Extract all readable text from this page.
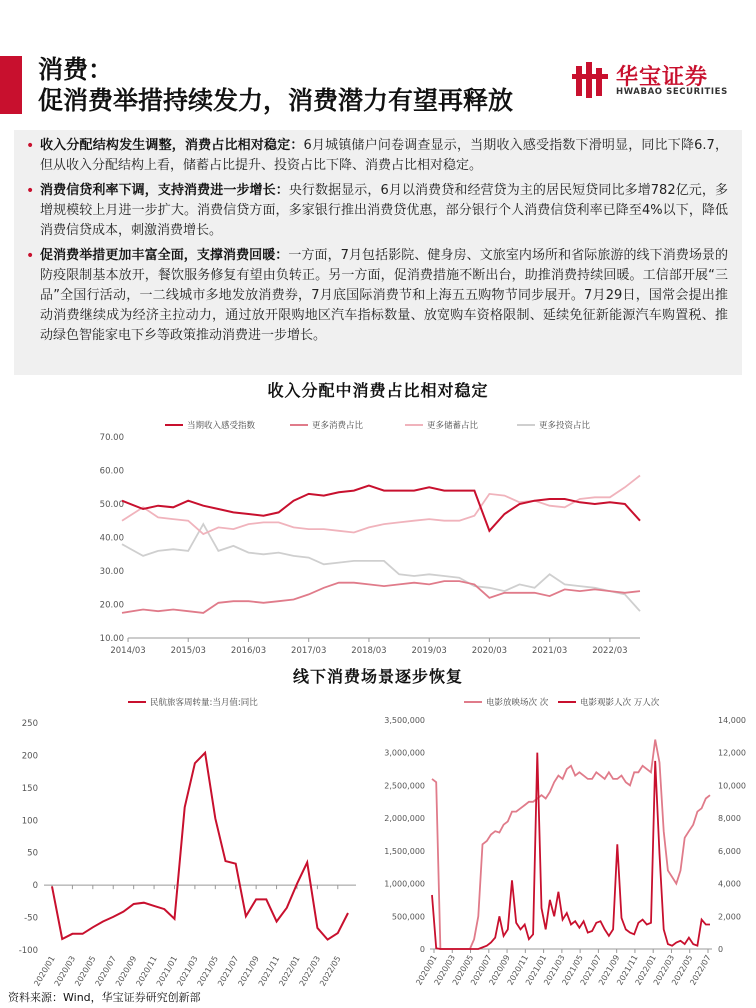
消费：
促消费举措持续发力，消费潜力有望再释放
华宝证券
HWABAO SECURITIES
• 收入分配结构发生调整，消费占比相对稳定：6月城镇储户问卷调查显示，当期收入感受指数下滑明显，同比下降6.7，但从收入分配结构上看，储蓄占比提升、投资占比下降、消费占比相对稳定。
• 消费信贷利率下调，支持消费进一步增长：央行数据显示，6月以消费贷和经营贷为主的居民短贷同比多增782亿元，多增规模较上月进一步扩大。消费信贷方面，多家银行推出消费贷优惠，部分银行个人消费信贷利率已降至4%以下，降低消费信贷成本，刺激消费增长。
• 促消费举措更加丰富全面，支撑消费回暖：一方面，7月包括影院、健身房、文旅室内场所和省际旅游的线下消费场景的防疫限制基本放开，餐饮服务修复有望由负转正。另一方面，促消费措施不断出台，助推消费持续回暖。工信部开展“三品”全国行活动，一二线城市多地发放消费券，7月底国际消费节和上海五五购物节同步展开。7月29日，国常会提出推动消费继续成为经济主拉动力，通过放开限购地区汽车指标数量、放宽购车资格限制、延续免征新能源汽车购置税、推动绿色智能家电下乡等政策推动消费进一步增长。
收入分配中消费占比相对稳定
10.00
20.00
30.00
40.00
50.00
60.00
70.00
2014/03	2015/03	2016/03	2017/03	2018/03	2019/03	2020/03	2021/03	2022/03
当期收入感受指数	更多消费占比	更多储蓄占比	更多投资占比
线下消费场景逐步恢复
-100
-50
0
50
100
150
200
250
2020/01
2020/03
2020/05
2020/07
2020/09
2020/11
2021/01
2021/03
2021/05
2021/07
2021/09
2021/11
2022/01
2022/03
2022/05
民航旅客周转量:当月值:同比
0
500,000
1,000,000
1,500,000
2,000,000
2,500,000
3,000,000
3,500,000
0
2,000
4,000
6,000
8,000
10,000
12,000
14,000
2020/01
2020/03
2020/05
2020/07
2020/09
2020/11
2021/01
2021/03
2021/05
2021/07
2021/09
2021/11
2022/01
2022/03
2022/05
2022/07
电影放映场次 次	电影观影人次 万人次
资料来源：Wind，华宝证券研究创新部
